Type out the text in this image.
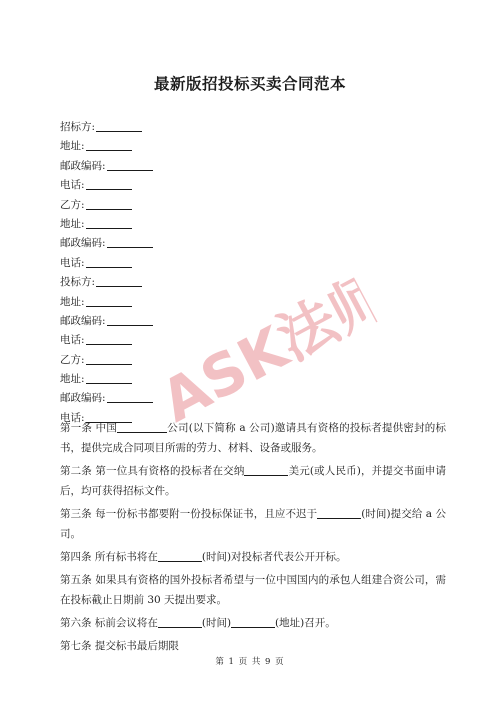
最新版招投标买卖合同范本
招标方:
地址:
邮政编码:
电话:
乙方:
地址:
邮政编码:
电话:
投标方:
地址:
邮政编码:
电话:
乙方:
地址:
邮政编码:
电话:

第一条 中国	公司(以下简称 a 公司)邀请具有资格的投标者提供密封的标书，提供完成合同项目所需的劳力、材料、设备或服务。

第二条 第一位具有资格的投标者在交纳	美元(或人民币)，并提交书面申请后，均可获得招标文件。

第三条 每一份标书都要附一份投标保证书，且应不迟于	(时间)提交给 a 公司。

第四条 所有标书将在	(时间)对投标者代表公开开标。

第五条 如果具有资格的国外投标者希望与一位中国国内的承包人组建合资公司，需在投标截止日期前 30 天提出要求。

第六条 标前会议将在	(时间)	(地址)召开。

第七条 提交标书最后期限

ASK法师兄
第 1 页 共 9 页
